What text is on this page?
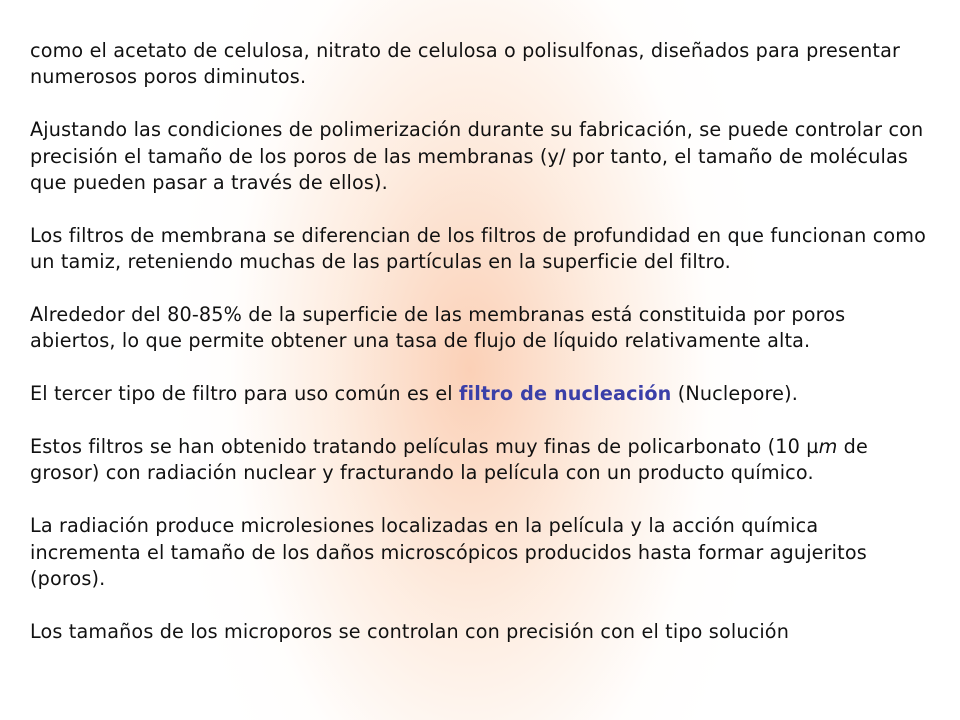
como el acetato de celulosa, nitrato de celulosa o polisulfonas, diseñados para presentar numerosos poros diminutos.

Ajustando las condiciones de polimerización durante su fabricación, se puede controlar con precisión el tamaño de los poros de las membranas (y/ por tanto, el tamaño de moléculas que pueden pasar a través de ellos).

Los filtros de membrana se diferencian de los filtros de profundidad en que funcionan como un tamiz, reteniendo muchas de las partículas en la superficie del filtro.

Alrededor del 80-85% de la superficie de las membranas está constituida por poros abiertos, lo que permite obtener una tasa de flujo de líquido relativamente alta.

El tercer tipo de filtro para uso común es el filtro de nucleación (Nuclepore).

Estos filtros se han obtenido tratando películas muy finas de policarbonato (10 µm de grosor) con radiación nuclear y fracturando la película con un producto químico.

La radiación produce microlesiones localizadas en la película y la acción química incrementa el tamaño de los daños microscópicos producidos hasta formar agujeritos (poros).

Los tamaños de los microporos se controlan con precisión con el tipo solución
